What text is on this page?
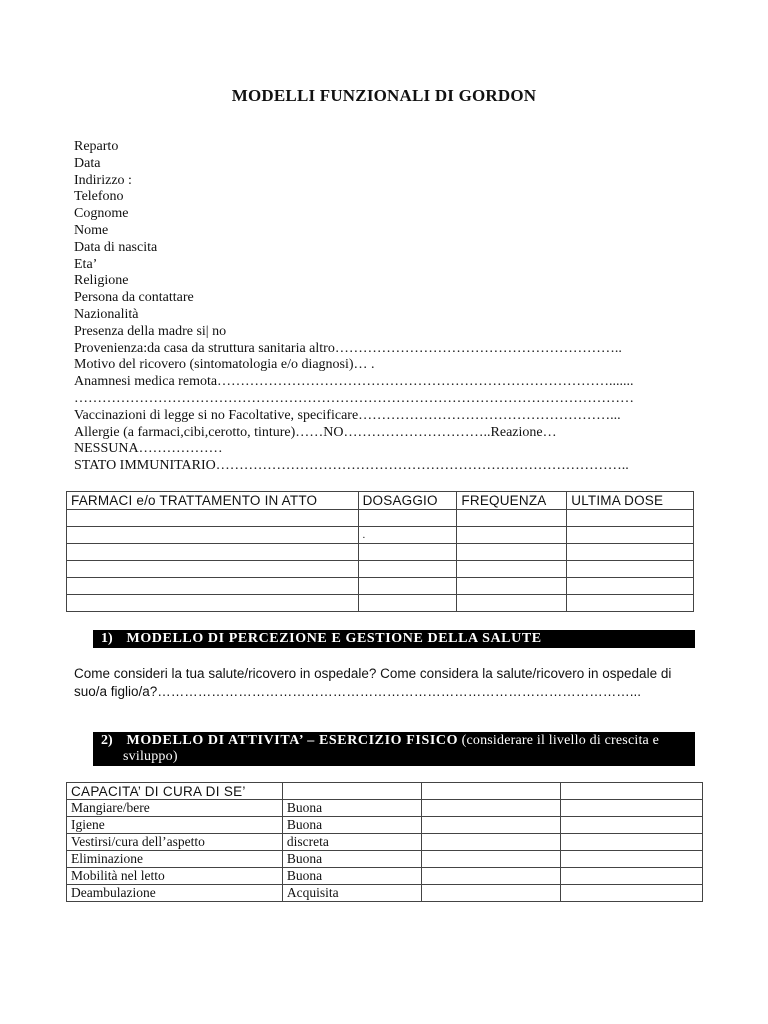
MODELLI FUNZIONALI DI GORDON
Reparto
Data
Indirizzo :
Telefono
Cognome
Nome
Data di nascita
Eta’
Religione
Persona da contattare
Nazionalità
Presenza della madre si| no
Provenienza:da casa da struttura sanitaria altro……………………………………………………..
Motivo del ricovero (sintomatologia e/o diagnosi)… .
Anamnesi medica remota………………………………………………………………………….......
…………………………………………………………………………………………………………
Vaccinazioni di legge si no Facoltative, specificare………………………………………………...
Allergie (a farmaci,cibi,cerotto, tinture)……NO…………………………..Reazione…
NESSUNA………………
STATO IMMUNITARIO……………………………………………………………………………..
FARMACI e/o TRATTAMENTO IN ATTO	DOSAGGIO	FREQUENZA	ULTIMA DOSE

	.		

1) MODELLO DI PERCEZIONE E GESTIONE DELLA SALUTE
Come consideri la tua salute/ricovero in ospedale? Come considera la salute/ricovero in ospedale di suo/a figlio/a?……………………………………………………………………………………………...
2) MODELLO DI ATTIVITA’ – ESERCIZIO FISICO (considerare il livello di crescita e
sviluppo)
CAPACITA’ DI CURA DI SE’			
Mangiare/bere	Buona		
Igiene	Buona		
Vestirsi/cura dell’aspetto	discreta		
Eliminazione	Buona		
Mobilità nel letto	Buona		
Deambulazione	Acquisita		
